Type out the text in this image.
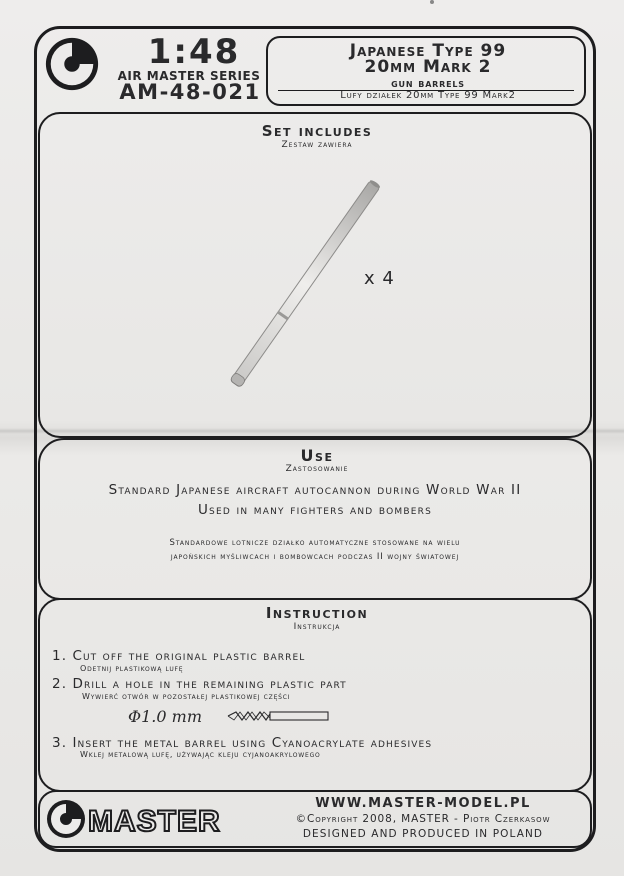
1:48
AIR MASTER SERIES
AM-48-021
Japanese Type 99
20mm Mark 2
gun barrels
Lufy działek 20mm Type 99 Mark2
Set includes
Zestaw zawiera
x 4
Use
Zastosowanie
Standard Japanese aircraft autocannon during World War II
Used in many fighters and bombers
Standardowe lotnicze działko automatyczne stosowane na wielu
japońskich myśliwcach i bombowcach podczas II wojny światowej
Instruction
Instrukcja
1. Cut off the original plastic barrel
Odetnij plastikową lufę
2. Drill a hole in the remaining plastic part
Wywierć otwór w pozostałej plastikowej części
Φ1.0 mm
3. Insert the metal barrel using Cyanoacrylate adhesives
Wklej metalową lufę, używając kleju cyjanoakrylowego
MASTER
WWW.MASTER-MODEL.PL
©Copyright 2008, MASTER - Piotr Czerkasow
DESIGNED AND PRODUCED IN POLAND
